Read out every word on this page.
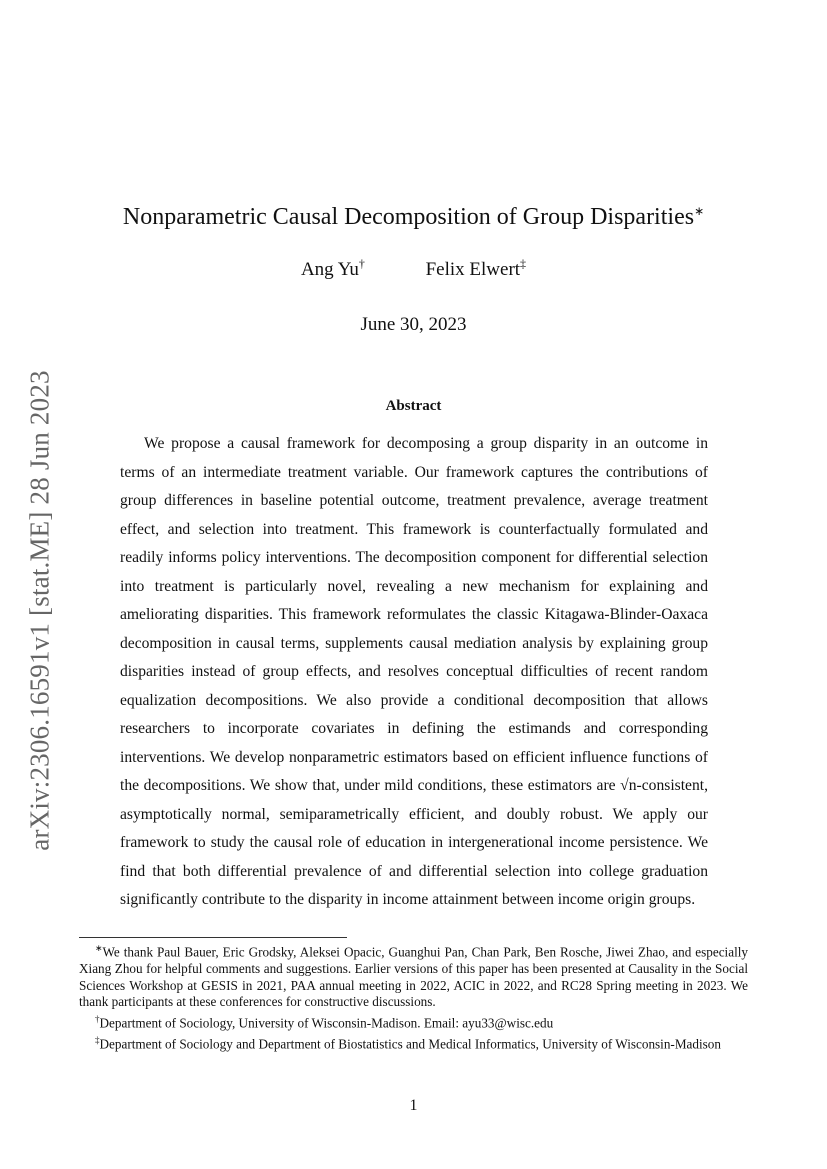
arXiv:2306.16591v1 [stat.ME] 28 Jun 2023
Nonparametric Causal Decomposition of Group Disparities∗
Ang Yu†	Felix Elwert‡
June 30, 2023
Abstract

We propose a causal framework for decomposing a group disparity in an outcome in terms of an intermediate treatment variable. Our framework captures the contributions of group differences in baseline potential outcome, treatment prevalence, average treatment effect, and selection into treatment. This framework is counterfactually formulated and readily informs policy interventions. The decomposition component for differential selection into treatment is particularly novel, revealing a new mechanism for explaining and ameliorating disparities. This framework reformulates the classic Kitagawa-Blinder-Oaxaca decomposition in causal terms, supplements causal mediation analysis by explaining group disparities instead of group effects, and resolves conceptual difficulties of recent random equalization decompositions. We also provide a conditional decomposition that allows researchers to incorporate covariates in defining the estimands and corresponding interventions. We develop nonparametric estimators based on efficient influence functions of the decompositions. We show that, under mild conditions, these estimators are √n-consistent, asymptotically normal, semiparametrically efficient, and doubly robust. We apply our framework to study the causal role of education in intergenerational income persistence. We find that both differential prevalence of and differential selection into college graduation significantly contribute to the disparity in income attainment between income origin groups.

∗We thank Paul Bauer, Eric Grodsky, Aleksei Opacic, Guanghui Pan, Chan Park, Ben Rosche, Jiwei Zhao, and especially Xiang Zhou for helpful comments and suggestions. Earlier versions of this paper has been presented at Causality in the Social Sciences Workshop at GESIS in 2021, PAA annual meeting in 2022, ACIC in 2022, and RC28 Spring meeting in 2023. We thank participants at these conferences for constructive discussions.

†Department of Sociology, University of Wisconsin-Madison. Email: ayu33@wisc.edu

‡Department of Sociology and Department of Biostatistics and Medical Informatics, University of Wisconsin-Madison

1
